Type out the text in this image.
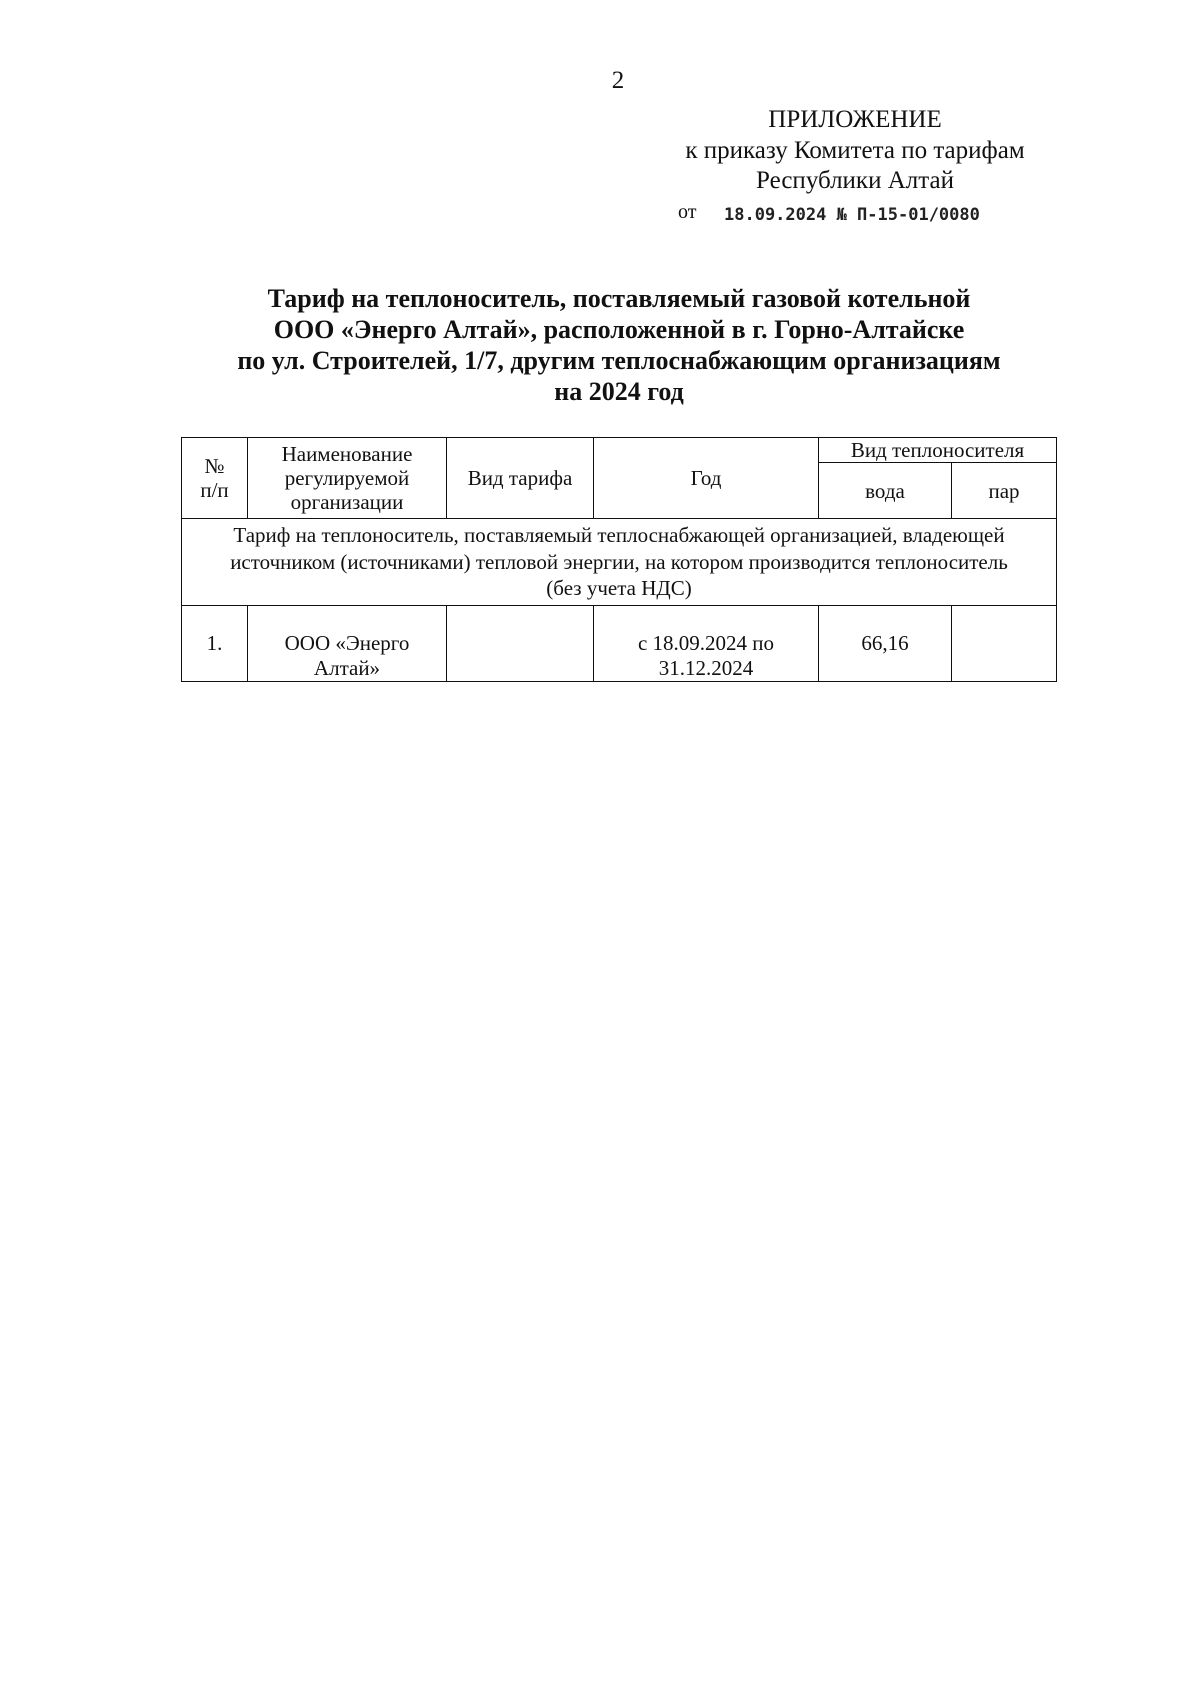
2
ПРИЛОЖЕНИЕ
к приказу Комитета по тарифам
Республики Алтай
от 18.09.2024 № П-15-01/0080
Тариф на теплоноситель, поставляемый газовой котельной
ООО «Энерго Алтай», расположенной в г. Горно-Алтайске
по ул. Строителей, 1/7, другим теплоснабжающим организациям
на 2024 год
№
п/п	Наименование
регулируемой
организации	Вид тарифа	Год	Вид теплоносителя	
				вода	пар
Тариф на теплоноситель, поставляемый теплоснабжающей организацией, владеющей
источником (источниками) тепловой энергии, на котором производится теплоноситель
(без учета НДС)					
1.	ООО «Энерго Алтай»		с 18.09.2024 по 31.12.2024	66,16	
